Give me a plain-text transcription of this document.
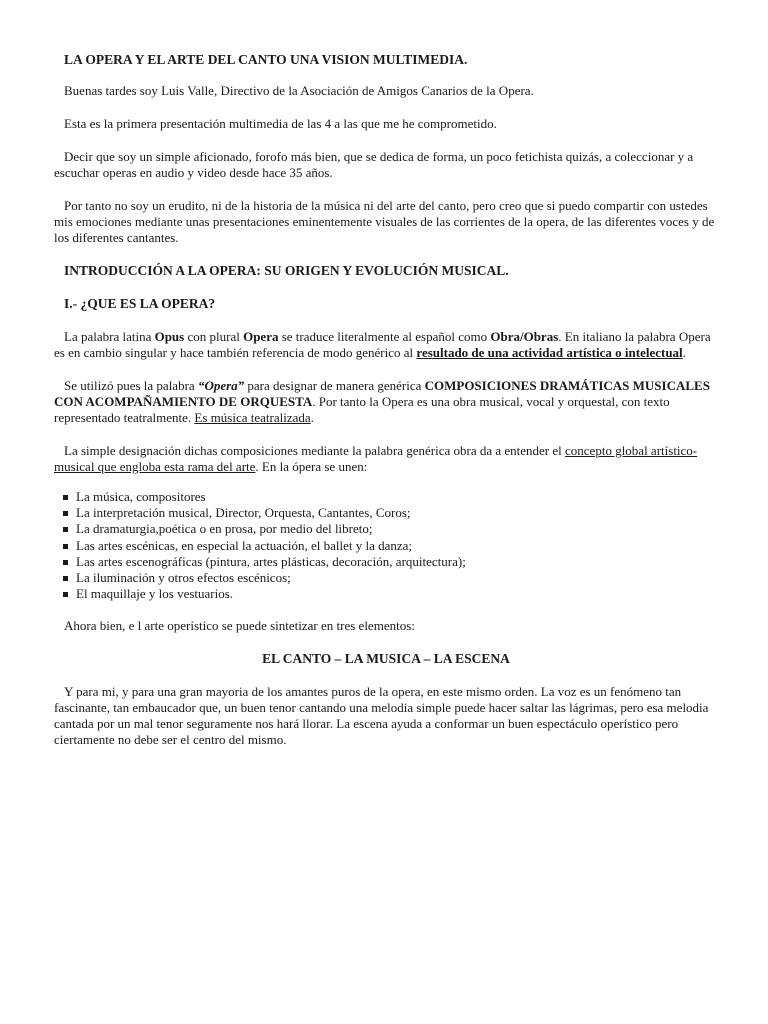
LA OPERA Y EL ARTE DEL CANTO UNA VISION MULTIMEDIA.

Buenas tardes soy Luis Valle, Directivo de la Asociación de Amigos Canarios de la Opera.

Esta es la primera presentación multimedia de las 4 a las que me he comprometido.

Decir que soy un simple aficionado, forofo más bien, que se dedica de forma, un poco fetichista quizás, a coleccionar y a escuchar operas en audio y video desde hace 35 años.

Por tanto no soy un erudito, ni de la historia de la música ni del arte del canto, pero creo que si puedo compartir con ustedes mis emociones mediante unas presentaciones eminentemente visuales de las corrientes de la opera, de las diferentes voces y de los diferentes cantantes.

INTRODUCCIÓN A LA OPERA: SU ORIGEN Y EVOLUCIÓN MUSICAL.

I.- ¿QUE ES LA OPERA?

La palabra latina Opus con plural Opera se traduce literalmente al español como Obra/Obras. En italiano la palabra Opera es en cambio singular y hace también referencia de modo genérico al resultado de una actividad artística o intelectual.

Se utilizó pues la palabra “Opera” para designar de manera genérica COMPOSICIONES DRAMÁTICAS MUSICALES CON ACOMPAÑAMIENTO DE ORQUESTA. Por tanto la Opera es una obra musical, vocal y orquestal, con texto representado teatralmente. Es música teatralizada.

La simple designación dichas composiciones mediante la palabra genérica obra da a entender el concepto global artístico-musical que engloba esta rama del arte. En la ópera se unen:

La música, compositores
La interpretación musical, Director, Orquesta, Cantantes, Coros;
La dramaturgia,poética o en prosa, por medio del libreto;
Las artes escénicas, en especial la actuación, el ballet y la danza;
Las artes escenográficas (pintura, artes plásticas, decoración, arquitectura);
La iluminación y otros efectos escénicos;
El maquillaje y los vestuarios.

Ahora bien, e l arte operístico se puede sintetizar en tres elementos:

EL CANTO – LA MUSICA – LA ESCENA

Y para mi, y para una gran mayoria de los amantes puros de la opera, en este mismo orden. La voz es un fenómeno tan fascinante, tan embaucador que, un buen tenor cantando una melodia simple puede hacer saltar las lágrimas, pero esa melodia cantada por un mal tenor seguramente nos hará llorar. La escena ayuda a conformar un buen espectáculo operístico pero ciertamente no debe ser el centro del mismo.
